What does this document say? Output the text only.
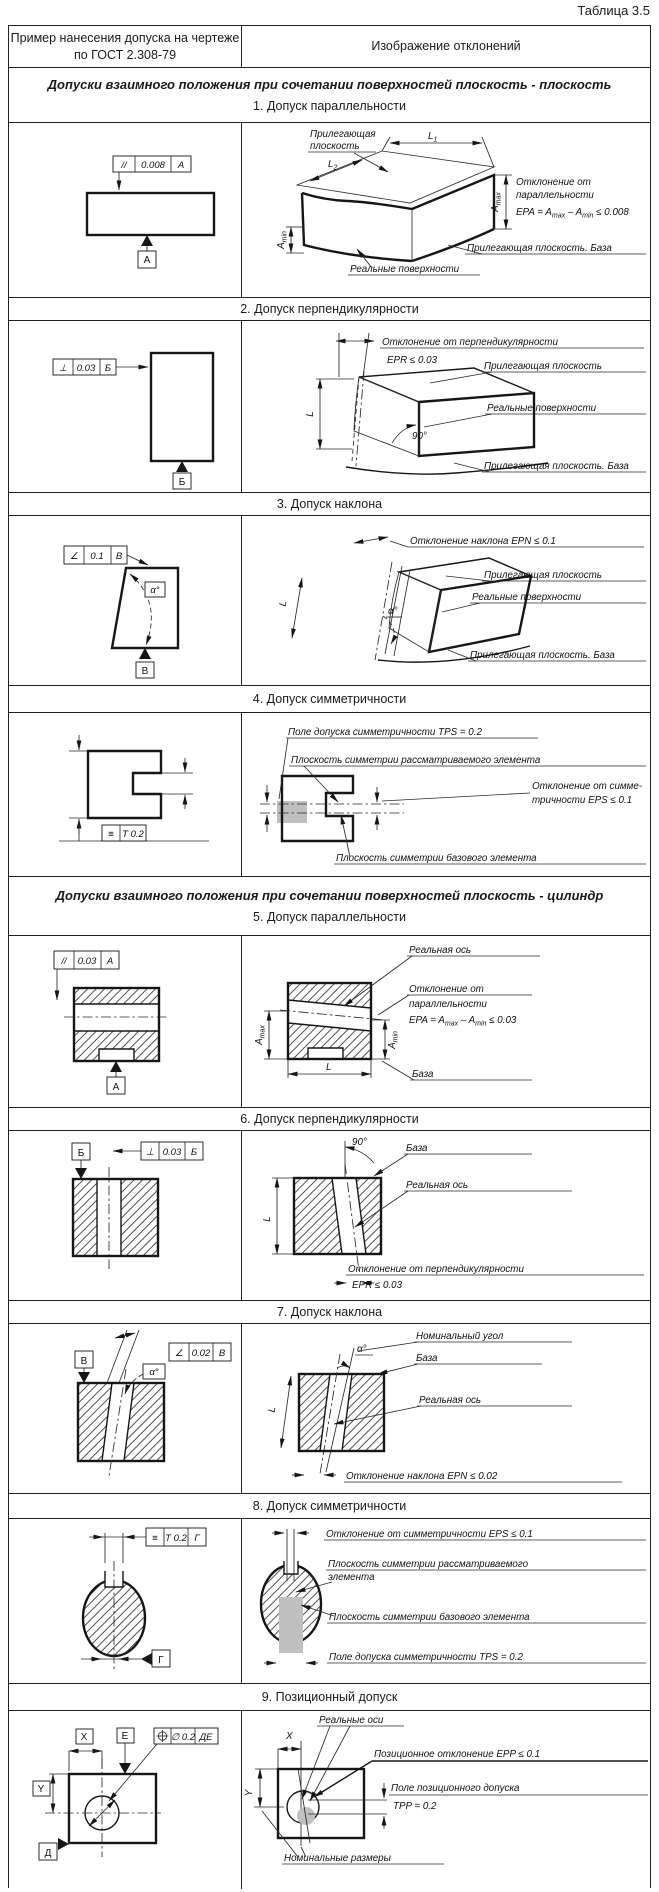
Таблица 3.5
Пример нанесения допуска на чертеже
по ГОСТ 2.308-79
Изображение отклонений
Допуски взаимного положения при сочетании поверхностей плоскость - плоскость
1. Допуск параллельности
// 0.008 А
А
$L_1$
$L_2$
Прилегающая
плоскость
$A_{max}$
$A_{min}$
Отклонение от
параллельности
EPA = $A_{max} - A_{min} \le 0.008$
Прилегающая плоскость. База
Реальные поверхности
2. Допуск перпендикулярности
⊥ 0.03 Б
Б
Отклонение от перпендикулярности
EPR ≤ 0.03
90°
L
Прилегающая плоскость
Реальные поверхности
Прилегающая плоскость. База
3. Допуск наклона
∠ 0.1 В
α°
В
Отклонение наклона EPN ≤ 0.1
α°
L
Прилегающая плоскость
Реальные поверхности
Прилегающая плоскость. База
4. Допуск симметричности
≡ T 0.2
Поле допуска симметричности TPS = 0.2
Плоскость симметрии рассматриваемого элемента
Отклонение от симме-
тричности EPS ≤ 0.1
Плоскость симметрии базового элемента
Допуски взаимного положения при сочетании поверхностей плоскость - цилиндр
5. Допуск параллельности
// 0.03 А
А
$A_{max}$
$A_{min}$
L
Реальная ось
Отклонение от
параллельности
EPA = $A_{max} - A_{min} \le 0.03$
База
6. Допуск перпендикулярности
Б	⊥ 0.03 Б
90°
База
Реальная ось
L
Отклонение от перпендикулярности
EPR ≤ 0.03
7. Допуск наклона
В
∠ 0.02 В
α°
α°
Номинальный угол
База
Реальная ось
L
Отклонение наклона EPN ≤ 0.02
8. Допуск симметричности
≡ T 0.2 Г
Г
Отклонение от симметричности EPS ≤ 0.1
Плоскость симметрии рассматриваемого
элемента
Плоскость симметрии базового элемента
Поле допуска симметричности TPS = 0.2
9. Позиционный допуск
X	Е	∅ 0.2 ДЕ
Y
Д
Реальные оси
X
Позиционное отклонение EPP ≤ 0.1
Поле позиционного допуска
TPP = 0.2
Y
Номинальные размеры
